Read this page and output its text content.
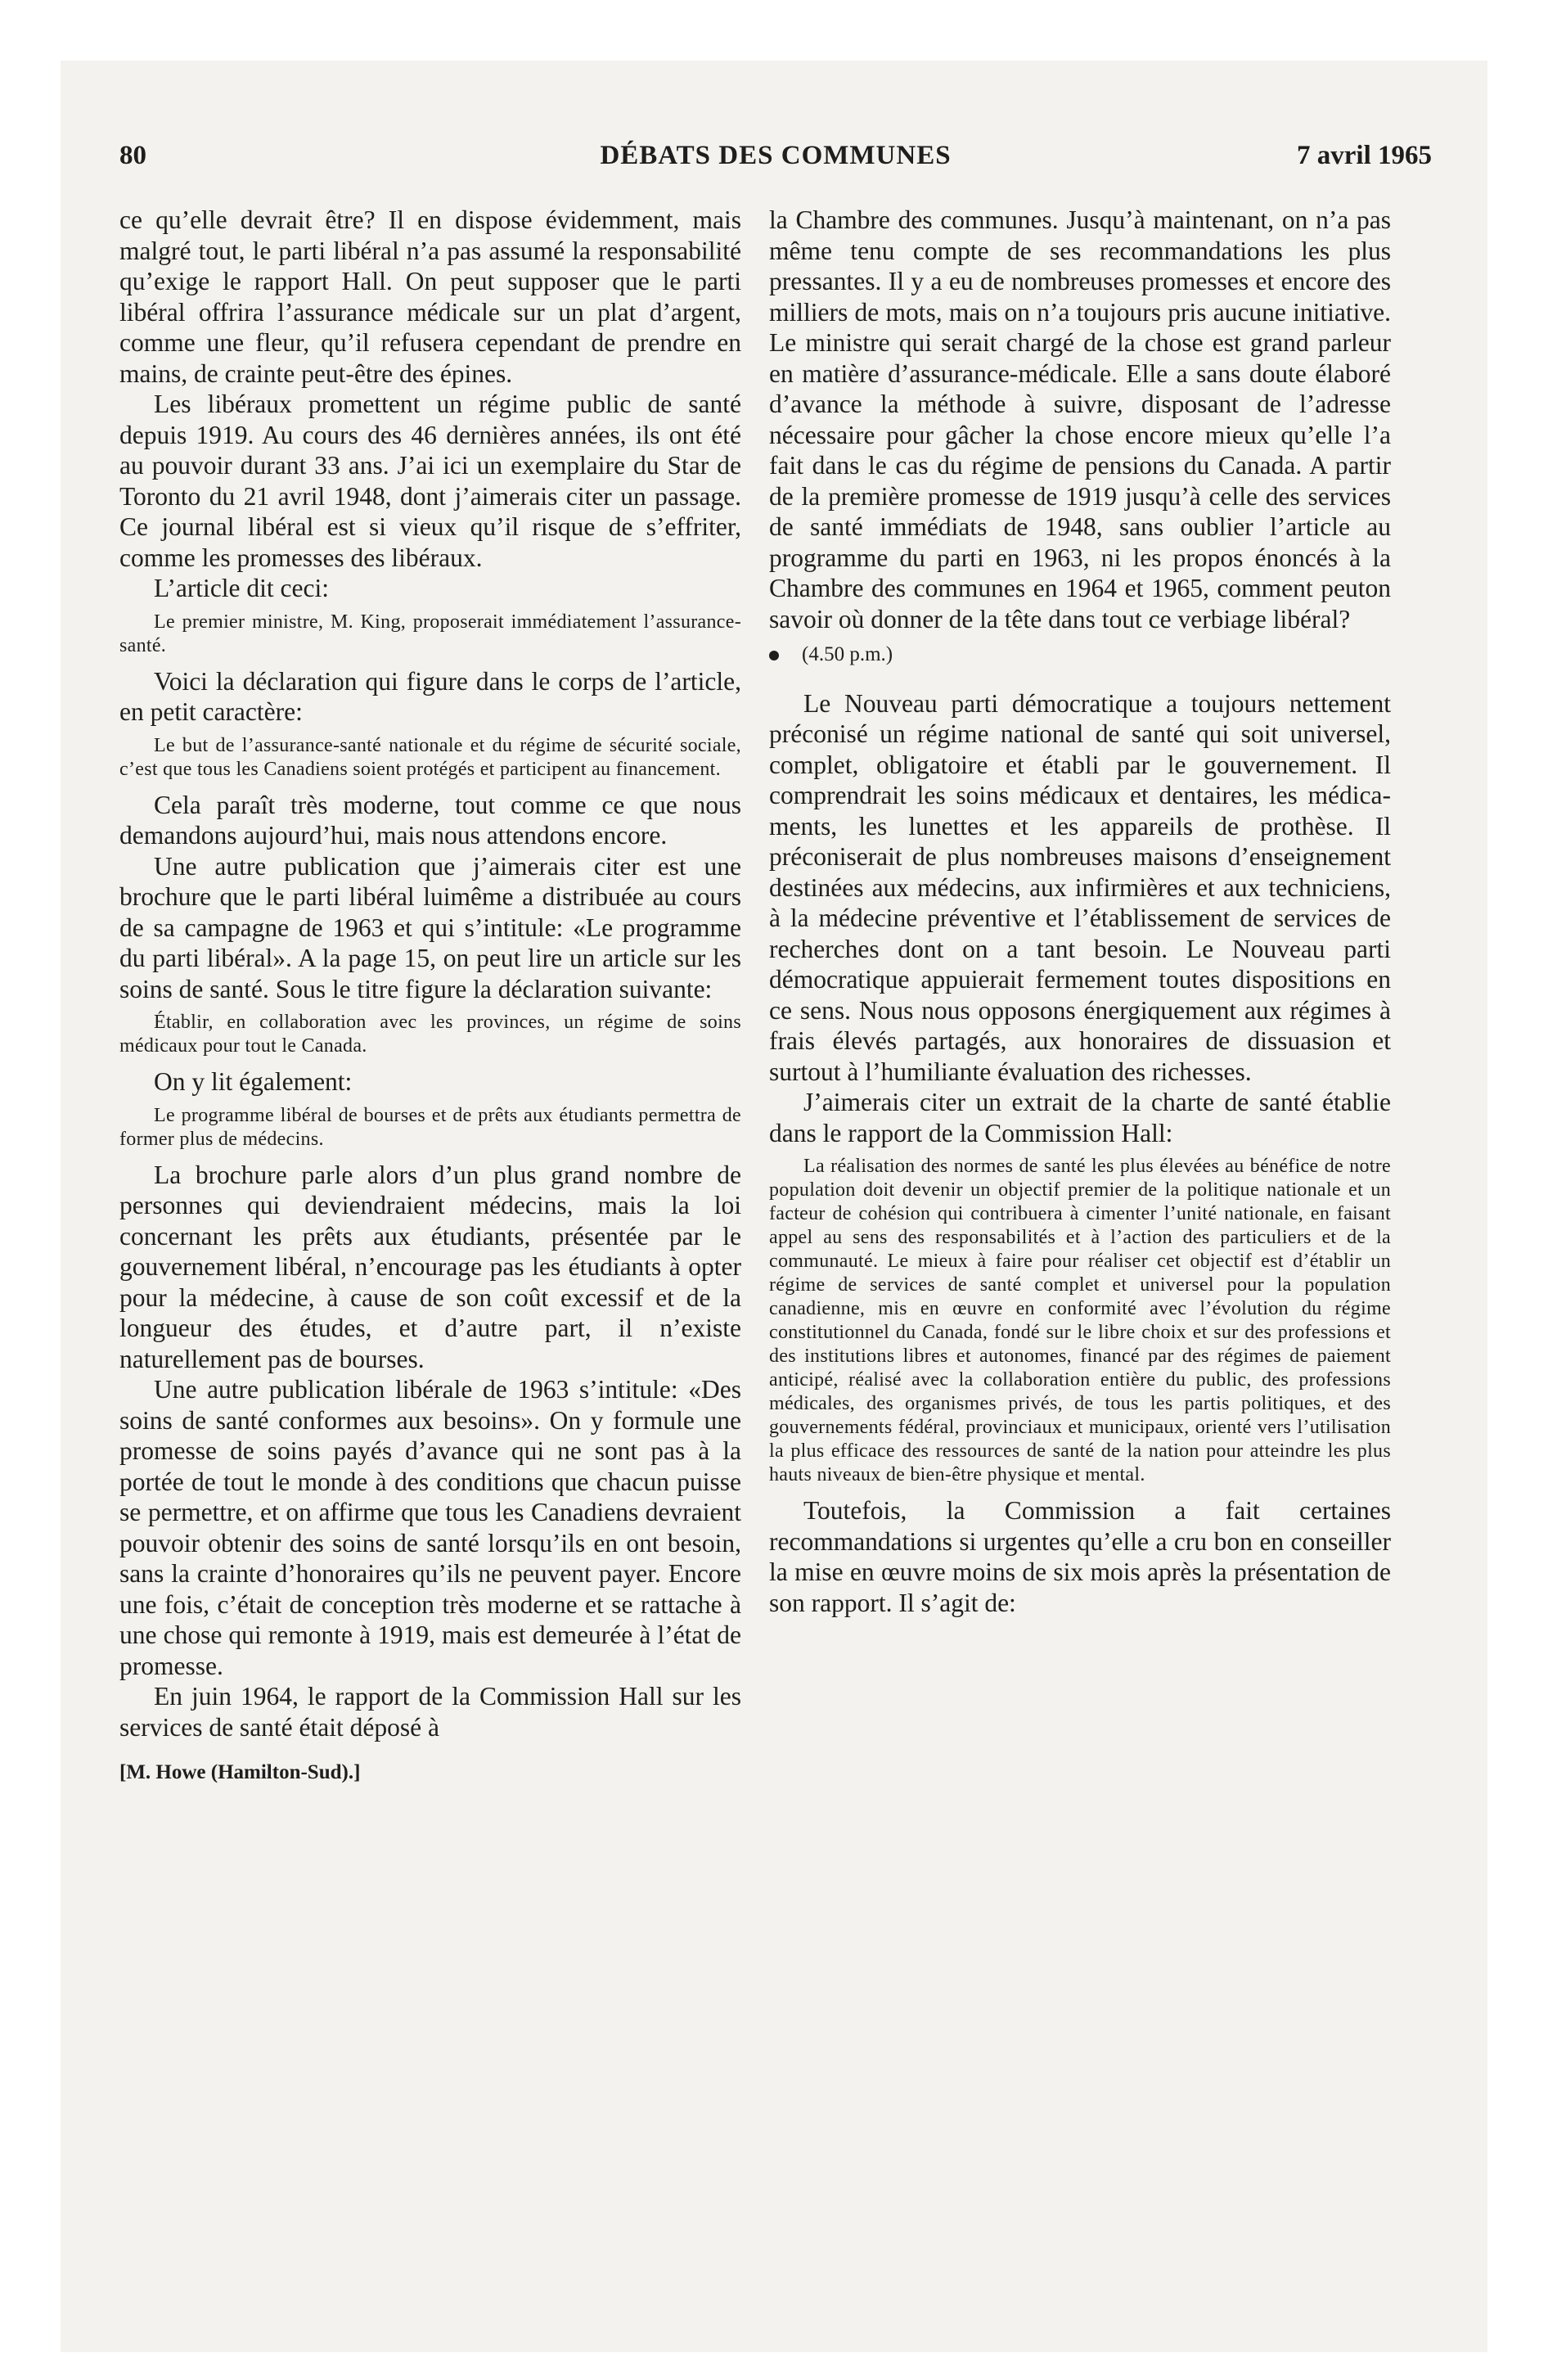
80	DÉBATS DES COMMUNES	7 avril 1965

ce qu’elle devrait être? Il en dispose évidemment, mais malgré tout, le parti libéral n’a pas assumé la responsabilité qu’exige le rapport Hall. On peut supposer que le parti libéral offrira l’assurance médicale sur un plat d’argent, comme une fleur, qu’il refusera cependant de prendre en mains, de crainte peut-être des épines.

Les libéraux promettent un régime public de santé depuis 1919. Au cours des 46 dernières années, ils ont été au pouvoir durant 33 ans. J’ai ici un exemplaire du Star de Toronto du 21 avril 1948, dont j’aimerais citer un passage. Ce journal libéral est si vieux qu’il risque de s’effriter, comme les promesses des libéraux.

L’article dit ceci:

Le premier ministre, M. King, proposerait immédiatement l’assurance-santé.

Voici la déclaration qui figure dans le corps de l’article, en petit caractère:

Le but de l’assurance-santé nationale et du régime de sécurité sociale, c’est que tous les Canadiens soient protégés et participent au financement.

Cela paraît très moderne, tout comme ce que nous demandons aujourd’hui, mais nous attendons encore.

Une autre publication que j’aimerais citer est une brochure que le parti libéral luimême a distribuée au cours de sa campagne de 1963 et qui s’intitule: «Le programme du parti libéral». A la page 15, on peut lire un article sur les soins de santé. Sous le titre figure la déclaration suivante:

Établir, en collaboration avec les provinces, un régime de soins médicaux pour tout le Canada.

On y lit également:

Le programme libéral de bourses et de prêts aux étudiants permettra de former plus de médecins.

La brochure parle alors d’un plus grand nombre de personnes qui deviendraient médecins, mais la loi concernant les prêts aux étudiants, présentée par le gouvernement libéral, n’encourage pas les étudiants à opter pour la médecine, à cause de son coût excessif et de la longueur des études, et d’autre part, il n’existe naturellement pas de bourses.

Une autre publication libérale de 1963 s’intitule: «Des soins de santé conformes aux besoins». On y formule une promesse de soins payés d’avance qui ne sont pas à la portée de tout le monde à des conditions que chacun puisse se permettre, et on affirme que tous les Canadiens devraient pouvoir obtenir des soins de santé lorsqu’ils en ont besoin, sans la crainte d’honoraires qu’ils ne peuvent payer. Encore une fois, c’était de conception très moderne et se rattache à une chose qui remonte à 1919, mais est demeurée à l’état de promesse.

En juin 1964, le rapport de la Commission Hall sur les services de santé était déposé à

[M. Howe (Hamilton-Sud).]

la Chambre des communes. Jusqu’à maintenant, on n’a pas même tenu compte de ses recommandations les plus pressantes. Il y a eu de nombreuses promesses et encore des milliers de mots, mais on n’a toujours pris aucune initiative. Le ministre qui serait chargé de la chose est grand parleur en matière d’assurance-médicale. Elle a sans doute élaboré d’avance la méthode à suivre, disposant de l’adresse nécessaire pour gâcher la chose encore mieux qu’elle l’a fait dans le cas du régime de pensions du Canada. A partir de la première promesse de 1919 jusqu’à celle des services de santé immédiats de 1948, sans oublier l’article au programme du parti en 1963, ni les propos énoncés à la Chambre des communes en 1964 et 1965, comment peuton savoir où donner de la tête dans tout ce verbiage libéral?

(4.50 p.m.)

Le Nouveau parti démocratique a toujours nettement préconisé un régime national de santé qui soit universel, complet, obligatoire et établi par le gouvernement. Il comprendrait les soins médicaux et dentaires, les médicaments, les lunettes et les appareils de prothèse. Il préconiserait de plus nombreuses maisons d’enseignement destinées aux médecins, aux infirmières et aux techniciens, à la médecine préventive et l’établissement de services de recherches dont on a tant besoin. Le Nouveau parti démocratique appuierait fermement toutes dispositions en ce sens. Nous nous opposons énergiquement aux régimes à frais élevés partagés, aux honoraires de dissuasion et surtout à l’humiliante évaluation des richesses.

J’aimerais citer un extrait de la charte de santé établie dans le rapport de la Commission Hall:

La réalisation des normes de santé les plus élevées au bénéfice de notre population doit devenir un objectif premier de la politique nationale et un facteur de cohésion qui contribuera à cimenter l’unité nationale, en faisant appel au sens des responsabilités et à l’action des particuliers et de la communauté. Le mieux à faire pour réaliser cet objectif est d’établir un régime de services de santé complet et universel pour la population canadienne, mis en œuvre en conformité avec l’évolution du régime constitutionnel du Canada, fondé sur le libre choix et sur des professions et des institutions libres et autonomes, financé par des régimes de paiement anticipé, réalisé avec la collaboration entière du public, des professions médicales, des organismes privés, de tous les partis politiques, et des gouvernements fédéral, provinciaux et municipaux, orienté vers l’utilisation la plus efficace des ressources de santé de la nation pour atteindre les plus hauts niveaux de bien-être physique et mental.

Toutefois, la Commission a fait certaines recommandations si urgentes qu’elle a cru bon en conseiller la mise en œuvre moins de six mois après la présentation de son rapport. Il s’agit de:
